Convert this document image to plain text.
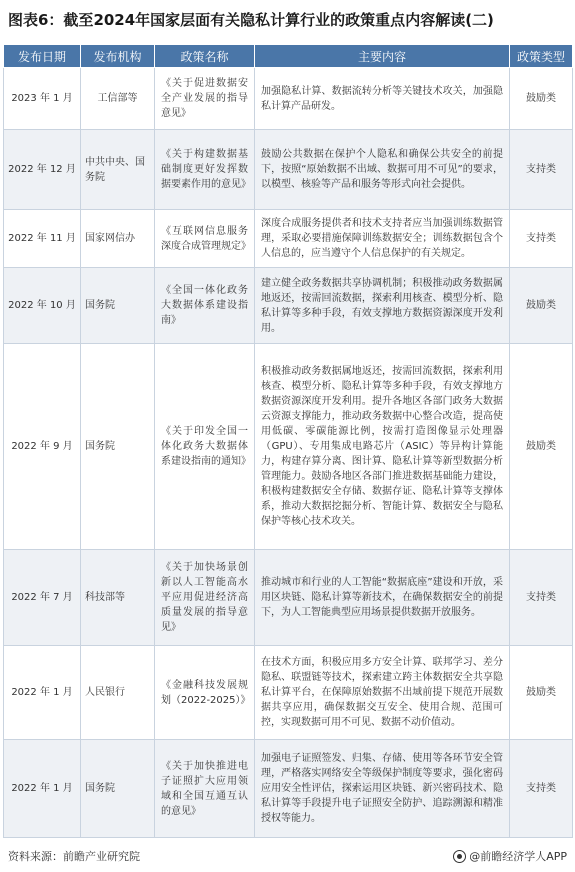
图表6：截至2024年国家层面有关隐私计算行业的政策重点内容解读(二)
发布日期	发布机构	政策名称	主要内容	政策类型
2023 年 1 月	工信部等	《关于促进数据安全产业发展的指导意见》	加强隐私计算、数据流转分析等关键技术攻关，加强隐私计算产品研发。	鼓励类
2022 年 12 月	中共中央、国务院	《关于构建数据基础制度更好发挥数据要素作用的意见》	鼓励公共数据在保护个人隐私和确保公共安全的前提下，按照“原始数据不出域、数据可用不可见”的要求，以模型、核验等产品和服务等形式向社会提供。	支持类
2022 年 11 月	国家网信办	《互联网信息服务深度合成管理规定》	深度合成服务提供者和技术支持者应当加强训练数据管理，采取必要措施保障训练数据安全；训练数据包含个人信息的，应当遵守个人信息保护的有关规定。	支持类
2022 年 10 月	国务院	《全国一体化政务大数据体系建设指南》	建立健全政务数据共享协调机制；积极推动政务数据属地返还，按需回流数据，探索利用核查、模型分析、隐私计算等多种手段，有效支撑地方数据资源深度开发利用。	鼓励类
2022 年 9 月	国务院	《关于印发全国一体化政务大数据体系建设指南的通知》	积极推动政务数据属地返还，按需回流数据，探索利用核查、模型分析、隐私计算等多种手段，有效支撑地方数据资源深度开发利用。提升各地区各部门政务大数据云资源支撑能力，推动政务数据中心整合改造，提高使用低碳、零碳能源比例，按需打造图像显示处理器（GPU）、专用集成电路芯片（ASIC）等异构计算能力，构建存算分离、图计算、隐私计算等新型数据分析管理能力。鼓励各地区各部门推进数据基础能力建设，积极构建数据安全存储、数据存证、隐私计算等支撑体系，推动大数据挖掘分析、智能计算、数据安全与隐私保护等核心技术攻关。	鼓励类
2022 年 7 月	科技部等	《关于加快场景创新以人工智能高水平应用促进经济高质量发展的指导意见》	推动城市和行业的人工智能“数据底座”建设和开放，采用区块链、隐私计算等新技术，在确保数据安全的前提下，为人工智能典型应用场景提供数据开放服务。	支持类
2022 年 1 月	人民银行	《金融科技发展规划（2022-2025）》	在技术方面，积极应用多方安全计算、联邦学习、差分隐私、联盟链等技术，探索建立跨主体数据安全共享隐私计算平台，在保障原始数据不出域前提下规范开展数据共享应用，确保数据交互安全、使用合规、范围可控，实现数据可用不可见、数据不动价值动。	鼓励类
2022 年 1 月	国务院	《关于加快推进电子证照扩大应用领域和全国互通互认的意见》	加强电子证照签发、归集、存储、使用等各环节安全管理，严格落实网络安全等级保护制度等要求，强化密码应用安全性评估，探索运用区块链、新兴密码技术、隐私计算等手段提升电子证照安全防护、追踪溯源和精准授权等能力。	支持类
资料来源：前瞻产业研究院	@前瞻经济学人APP
